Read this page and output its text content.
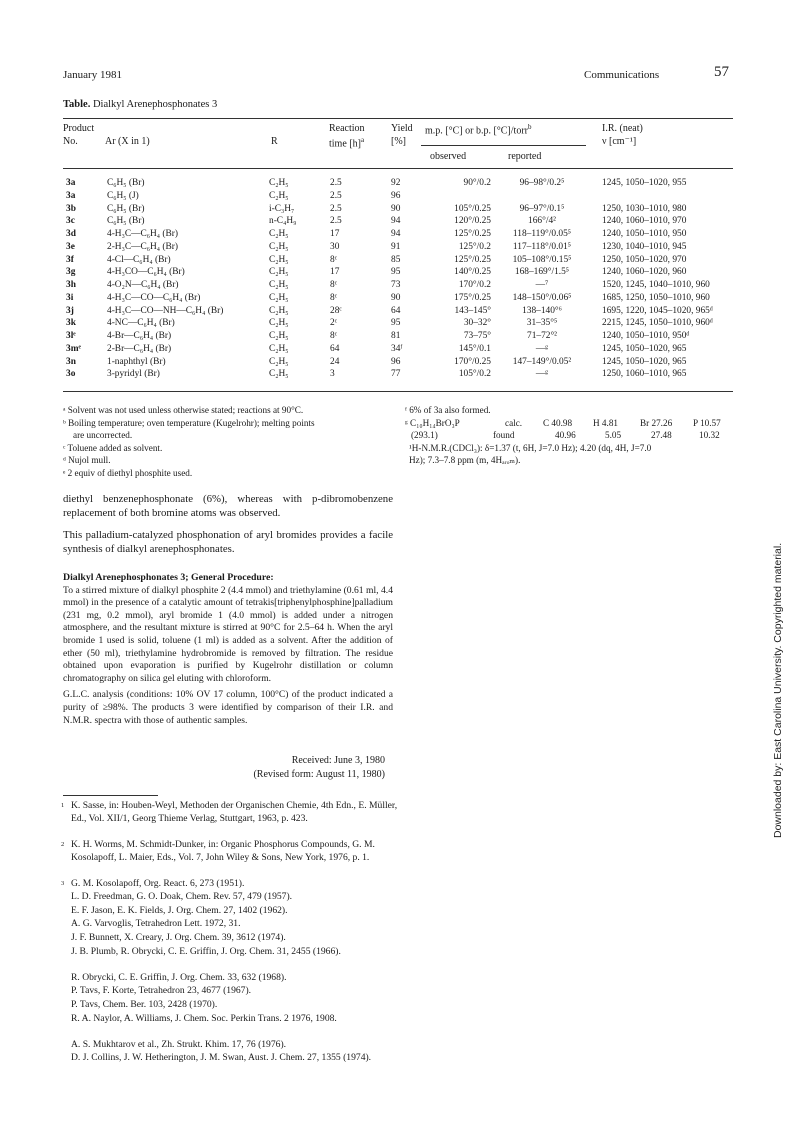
January 1981	Communications	57
Table. Dialkyl Arenephosphonates 3
Product
No.	Ar (X in 1)	R
Reaction
time $[h]^a$
Yield
[%]
m.p. [°C] or b.p. [°C]/torr$^b$
observed	reported
I.R. (neat)
ν [cm⁻¹]
3a	C₆H₅ (Br)	C₂H₅	2.5	92	90°/0.2	96–98°/0.2⁵	1245, 1050–1020, 955
3a	C₆H₅ (J)	C₂H₅	2.5	96
3b	C₆H₅ (Br)	i-C₃H₇	2.5	90	105°/0.25	96–97°/0.1⁵	1250, 1030–1010, 980
3c	C₆H₅ (Br)	n-C₄H₉	2.5	94	120°/0.25	166°/4²	1240, 1060–1010, 970
3d	4-H₃C—C₆H₄ (Br)	C₂H₅	17	94	125°/0.25	118–119°/0.05⁵	1240, 1050–1010, 950
3e	2-H₃C—C₆H₄ (Br)	C₂H₅	30	91	125°/0.2	117–118°/0.01⁵	1230, 1040–1010, 945
3f	4-Cl—C₆H₄ (Br)	C₂H₅	8ᶜ	85	125°/0.25	105–108°/0.15⁵	1250, 1050–1020, 970
3g	4-H₃CO—C₆H₄ (Br)	C₂H₅	17	95	140°/0.25	168–169°/1.5⁵	1240, 1060–1020, 960
3h	4-O₂N—C₆H₄ (Br)	C₂H₅	8ᶜ	73	170°/0.2	—⁷	1520, 1245, 1040–1010, 960
3i	4-H₃C—CO—C₆H₄ (Br)	C₂H₅	8ᶜ	90	175°/0.25	148–150°/0.06⁵	1685, 1250, 1050–1010, 960
3j	4-H₃C—CO—NH—C₆H₄ (Br)	C₂H₅	28ᶜ	64	143–145°	138–140°⁶	1695, 1220, 1045–1020, 965ᵈ
3k	4-NC—C₆H₄ (Br)	C₂H₅	2ᶜ	95	30–32°	31–35°⁵	2215, 1245, 1050–1010, 960ᵈ
3lᵉ	4-Br—C₆H₄ (Br)	C₂H₅	8ᶜ	81	73–75°	71–72°²	1240, 1050–1010, 950ᵈ
3mᵉ	2-Br—C₆H₄ (Br)	C₂H₅	64	34ᶠ	145°/0.1	—ᵍ	1245, 1050–1020, 965
3n	1-naphthyl (Br)	C₂H₅	24	96	170°/0.25	147–149°/0.05²	1245, 1050–1020, 965
3o	3-pyridyl (Br)	C₂H₅	3	77	105°/0.2	—ᵍ	1250, 1060–1010, 965
ᵃ Solvent was not used unless otherwise stated; reactions at 90°C.
ᵇ Boiling temperature; oven temperature (Kugelrohr); melting points
are uncorrected.
ᶜ Toluene added as solvent.
ᵈ Nujol mull.
ᵉ 2 equiv of diethyl phosphite used.
ᶠ 6% of 3a also formed.
ᵍ C₁₀H₁₄BrO₃P	calc. C 40.98 H 4.81 Br 27.26 P 10.57
(293.1)	found	40.96	5.05	27.48	10.32
¹H-N.M.R.(CDCl₃): δ=1.37 (t, 6H, J=7.0 Hz); 4.20 (dq, 4H, J=7.0
Hz); 7.3–7.8 ppm (m, 4Hₐᵣₒₘ).
diethyl benzenephosphonate (6%), whereas with p-dibromobenzene replacement of both bromine atoms was observed.
This palladium-catalyzed phosphonation of aryl bromides provides a facile synthesis of dialkyl arenephosphonates.
Dialkyl Arenephosphonates 3; General Procedure:
To a stirred mixture of dialkyl phosphite 2 (4.4 mmol) and triethylamine (0.61 ml, 4.4 mmol) in the presence of a catalytic amount of tetrakis[triphenylphosphine]palladium (231 mg, 0.2 mmol), aryl bromide 1 (4.0 mmol) is added under a nitrogen atmosphere, and the resultant mixture is stirred at 90°C for 2.5–64 h. When the aryl bromide 1 used is solid, toluene (1 ml) is added as a solvent. After the addition of ether (50 ml), triethylamine hydrobromide is removed by filtration. The residue obtained upon evaporation is purified by Kugelrohr distillation or column chromatography on silica gel eluting with chloroform.
G.L.C. analysis (conditions: 10% OV 17 column, 100°C) of the product indicated a purity of ≥98%. The products 3 were identified by comparison of their I.R. and N.M.R. spectra with those of authentic samples.
Received: June 3, 1980
(Revised form: August 11, 1980)
1 K. Sasse, in: Houben-Weyl, Methoden der Organischen Chemie, 4th Edn., E. Müller, Ed., Vol. XII/1, Georg Thieme Verlag, Stuttgart, 1963, p. 423.
2 K. H. Worms, M. Schmidt-Dunker, in: Organic Phosphorus Compounds, G. M. Kosolapoff, L. Maier, Eds., Vol. 7, John Wiley & Sons, New York, 1976, p. 1.
3 G. M. Kosolapoff, Org. React. 6, 273 (1951).
L. D. Freedman, G. O. Doak, Chem. Rev. 57, 479 (1957).
E. F. Jason, E. K. Fields, J. Org. Chem. 27, 1402 (1962).
A. G. Varvoglis, Tetrahedron Lett. 1972, 31.
J. F. Bunnett, X. Creary, J. Org. Chem. 39, 3612 (1974).
J. B. Plumb, R. Obrycki, C. E. Griffin, J. Org. Chem. 31, 2455 (1966).
R. Obrycki, C. E. Griffin, J. Org. Chem. 33, 632 (1968).
P. Tavs, F. Korte, Tetrahedron 23, 4677 (1967).
P. Tavs, Chem. Ber. 103, 2428 (1970).
R. A. Naylor, A. Williams, J. Chem. Soc. Perkin Trans. 2 1976, 1908.
A. S. Mukhtarov et al., Zh. Strukt. Khim. 17, 76 (1976).
D. J. Collins, J. W. Hetherington, J. M. Swan, Aust. J. Chem. 27, 1355 (1974).
Downloaded by: East Carolina University. Copyrighted material.
